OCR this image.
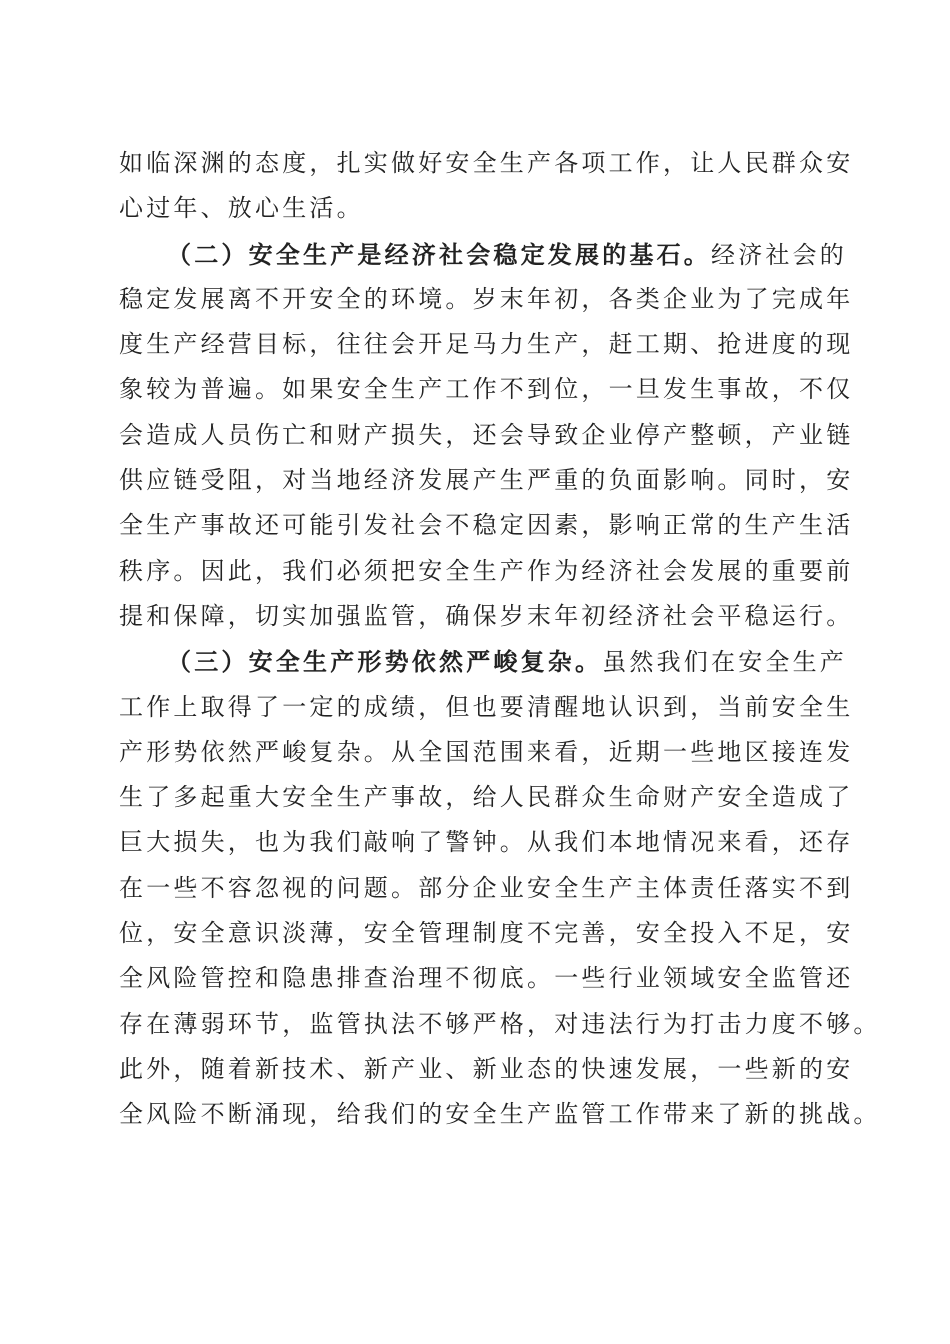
如临深渊的态度，扎实做好安全生产各项工作，让人民群众安
心过年、放心生活。
（二）安全生产是经济社会稳定发展的基石。经济社会的
稳定发展离不开安全的环境。岁末年初，各类企业为了完成年
度生产经营目标，往往会开足马力生产，赶工期、抢进度的现
象较为普遍。如果安全生产工作不到位，一旦发生事故，不仅
会造成人员伤亡和财产损失，还会导致企业停产整顿，产业链
供应链受阻，对当地经济发展产生严重的负面影响。同时，安
全生产事故还可能引发社会不稳定因素，影响正常的生产生活
秩序。因此，我们必须把安全生产作为经济社会发展的重要前
提和保障，切实加强监管，确保岁末年初经济社会平稳运行。
（三）安全生产形势依然严峻复杂。虽然我们在安全生产
工作上取得了一定的成绩，但也要清醒地认识到，当前安全生
产形势依然严峻复杂。从全国范围来看，近期一些地区接连发
生了多起重大安全生产事故，给人民群众生命财产安全造成了
巨大损失，也为我们敲响了警钟。从我们本地情况来看，还存
在一些不容忽视的问题。部分企业安全生产主体责任落实不到
位，安全意识淡薄，安全管理制度不完善，安全投入不足，安
全风险管控和隐患排查治理不彻底。一些行业领域安全监管还
存在薄弱环节，监管执法不够严格，对违法行为打击力度不够。
此外，随着新技术、新产业、新业态的快速发展，一些新的安
全风险不断涌现，给我们的安全生产监管工作带来了新的挑战。
